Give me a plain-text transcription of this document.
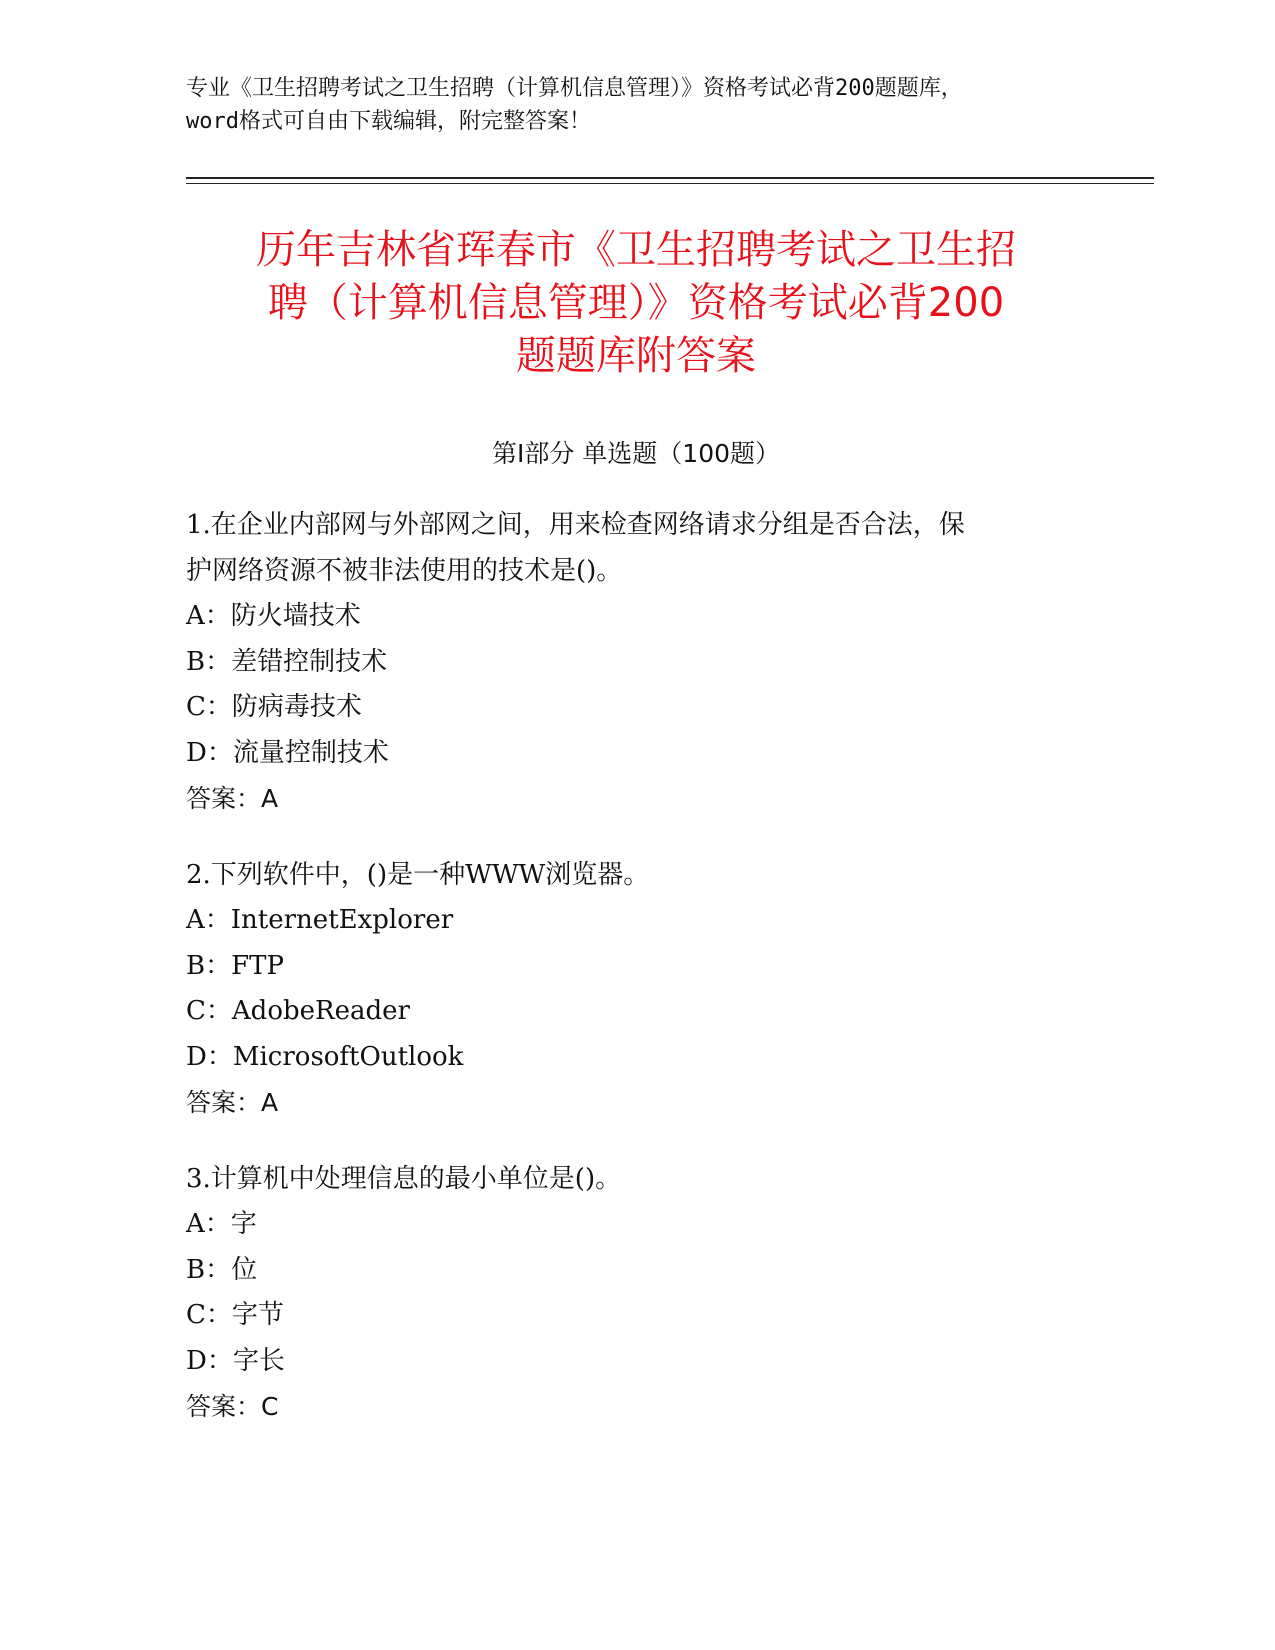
专业《卫生招聘考试之卫生招聘（计算机信息管理）》资格考试必背200题题库，
word格式可自由下载编辑，附完整答案！
历年吉林省珲春市《卫生招聘考试之卫生招
聘（计算机信息管理）》资格考试必背200
题题库附答案
第Ⅰ部分 单选题（100题）

1.在企业内部网与外部网之间，用来检查网络请求分组是否合法，保

护网络资源不被非法使用的技术是()。

A：防火墙技术

B：差错控制技术

C：防病毒技术

D：流量控制技术

答案：A

2.下列软件中，()是一种WWW浏览器。

A：InternetExplorer

B：FTP

C：AdobeReader

D：MicrosoftOutlook

答案：A

3.计算机中处理信息的最小单位是()。

A：字

B：位

C：字节

D：字长

答案：C
